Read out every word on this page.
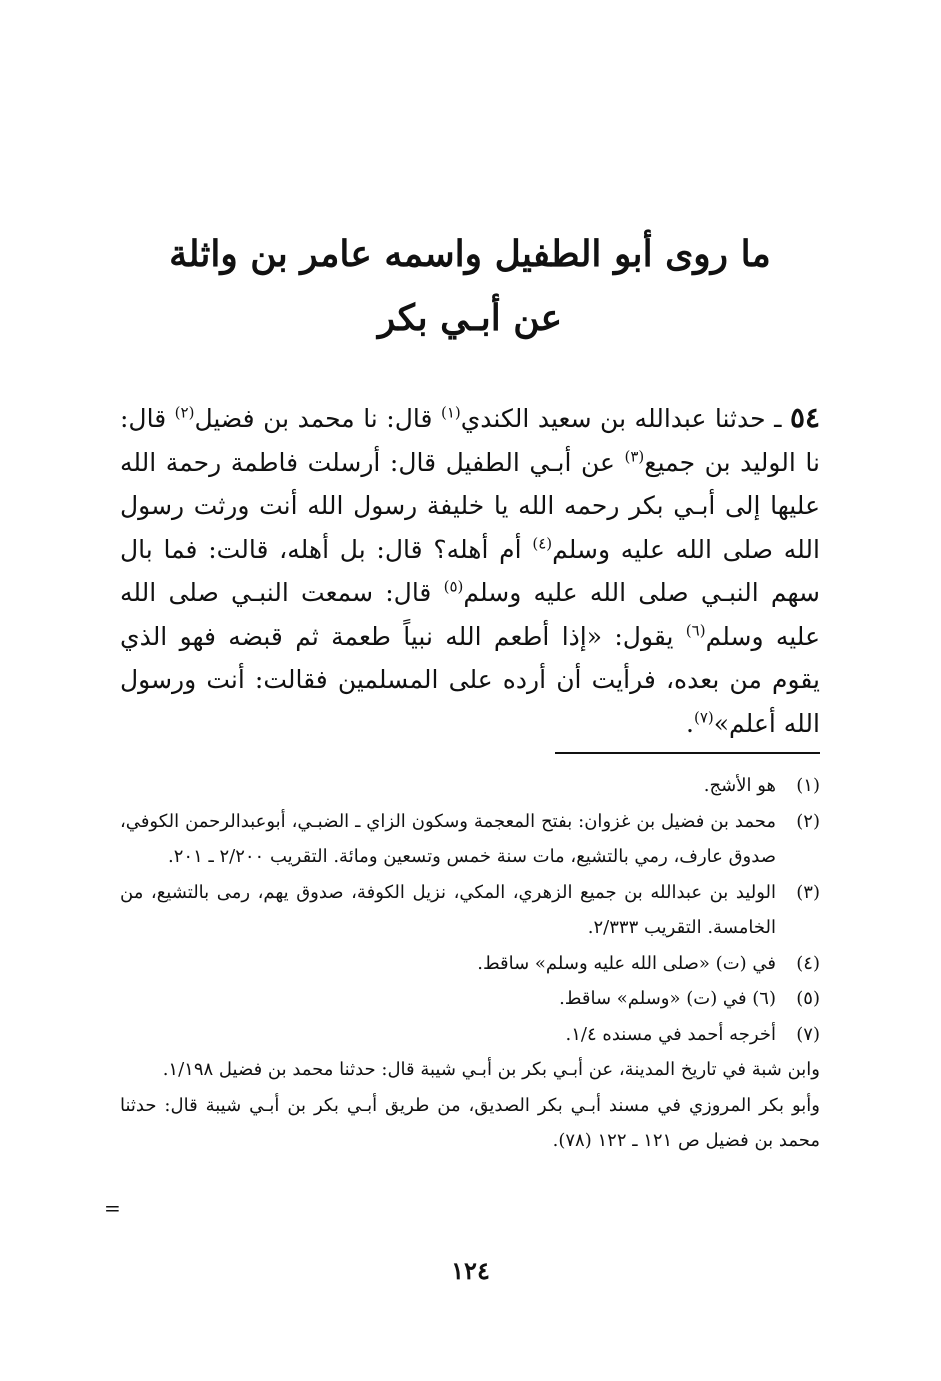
ما روى أبو الطفيل واسمه عامر بن واثلة
عن أبـي بكر
٥٤ ـ حدثنا عبدالله بن سعيد الكندي$^{(١)}$ قال: نا محمد بن فضيل$^{(٢)}$ قال: نا الوليد بن جميع$^{(٣)}$ عن أبـي الطفيل قال: أرسلت فاطمة رحمة الله عليها إلى أبـي بكر رحمه الله يا خليفة رسول الله أنت ورثت رسول الله صلى الله عليه وسلم$^{(٤)}$ أم أهله؟ قال: بل أهله، قالت: فما بال سهم النبـي صلى الله عليه وسلم$^{(٥)}$ قال: سمعت النبـي صلى الله عليه وسلم$^{(٦)}$ يقول: «إذا أطعم الله نبياً طعمة ثم قبضه فهو الذي يقوم من بعده، فرأيت أن أرده على المسلمين فقالت: أنت ورسول الله أعلم»$^{(٧)}$.
(١)
هو الأشج.
(٢)
محمد بن فضيل بن غزوان: بفتح المعجمة وسكون الزاي ـ الضبـي، أبوعبدالرحمن الكوفي، صدوق عارف، رمي بالتشيع، مات سنة خمس وتسعين ومائة. التقريب ٢/٢٠٠ ـ ٢٠١.
(٣)
الوليد بن عبدالله بن جميع الزهري، المكي، نزيل الكوفة، صدوق يهم، رمى بالتشيع، من الخامسة. التقريب ٢/٣٣٣.
(٤)
في (ت) «صلى الله عليه وسلم» ساقط.
(٥)
(٦) في (ت) «وسلم» ساقط.
(٧)
أخرجه أحمد في مسنده ١/٤.
وابن شبة في تاريخ المدينة، عن أبـي بكر بن أبـي شيبة قال: حدثنا محمد بن فضيل ١/١٩٨.
وأبو بكر المروزي في مسند أبـي بكر الصديق، من طريق أبـي بكر بن أبـي شيبة قال: حدثنا محمد بن فضيل ص ١٢١ ـ ١٢٢ (٧٨).
=
١٢٤
